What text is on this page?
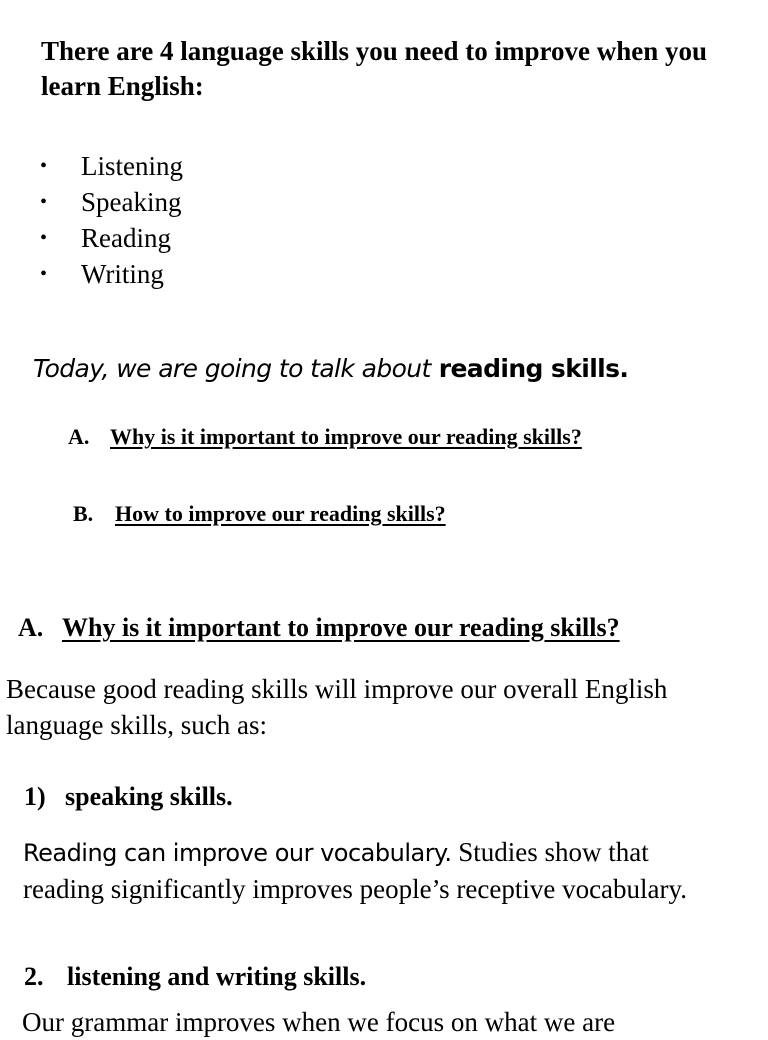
There are 4 language skills you need to improve when you learn English:
•	Listening
•	Speaking
•	Reading
•	Writing
Today, we are going to talk about reading skills.
A. Why is it important to improve our reading skills?
B. How to improve our reading skills?
A. Why is it important to improve our reading skills?
Because good reading skills will improve our overall English language skills, such as:
1) speaking skills.
Reading can improve our vocabulary. Studies show that reading significantly improves people’s receptive vocabulary.
2. listening and writing skills.
Our grammar improves when we focus on what we are
